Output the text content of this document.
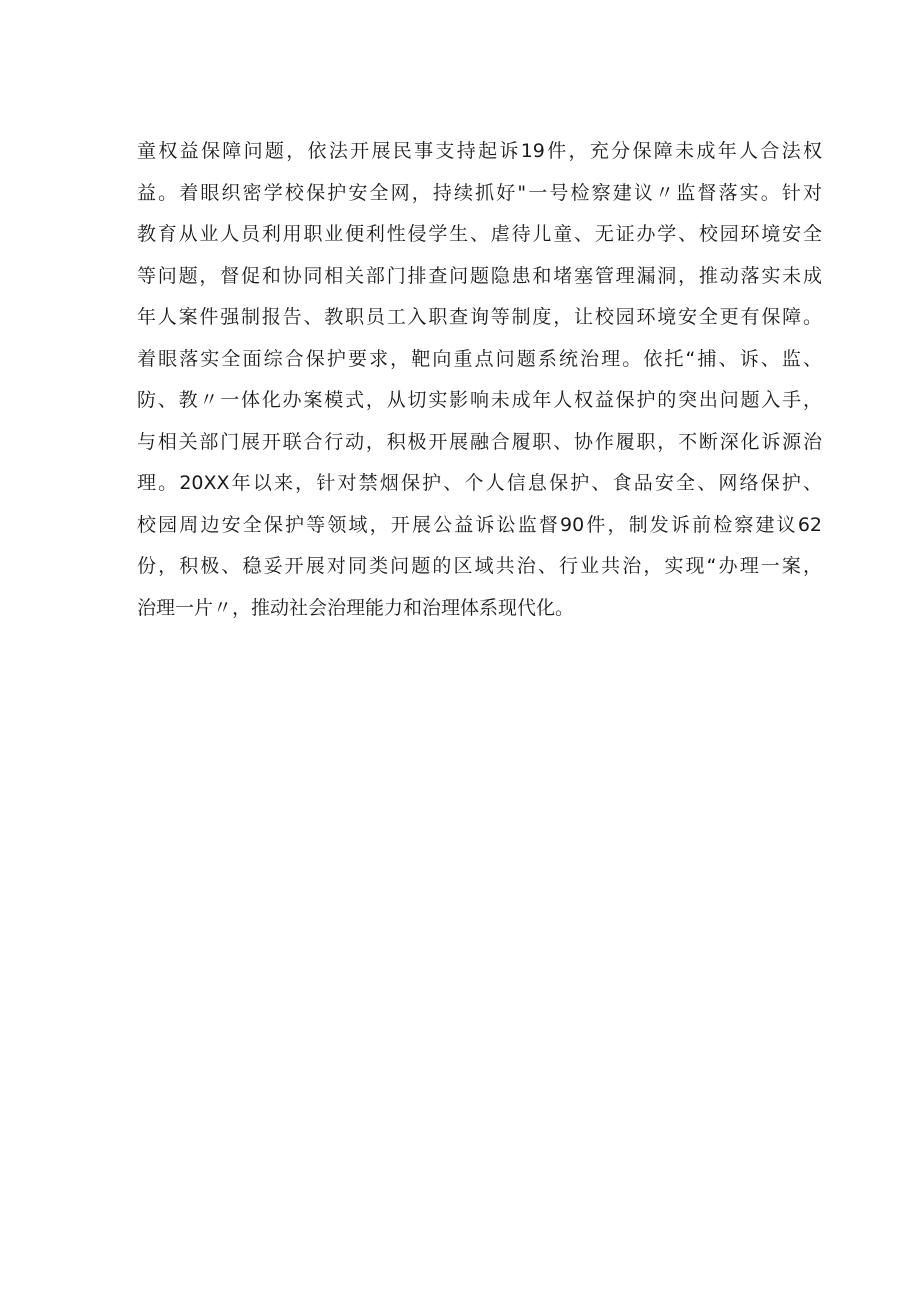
童权益保障问题，依法开展民事支持起诉19件，充分保障未成年人合法权
益。着眼织密学校保护安全网，持续抓好"一号检察建议〃监督落实。针对
教育从业人员利用职业便利性侵学生、虐待儿童、无证办学、校园环境安全
等问题，督促和协同相关部门排查问题隐患和堵塞管理漏洞，推动落实未成
年人案件强制报告、教职员工入职查询等制度，让校园环境安全更有保障。
着眼落实全面综合保护要求，靶向重点问题系统治理。依托“捕、诉、监、
防、教〃一体化办案模式，从切实影响未成年人权益保护的突出问题入手，
与相关部门展开联合行动，积极开展融合履职、协作履职，不断深化诉源治
理。20XX年以来，针对禁烟保护、个人信息保护、食品安全、网络保护、
校园周边安全保护等领域，开展公益诉讼监督90件，制发诉前检察建议62
份，积极、稳妥开展对同类问题的区域共治、行业共治，实现“办理一案，
治理一片〃，推动社会治理能力和治理体系现代化。
